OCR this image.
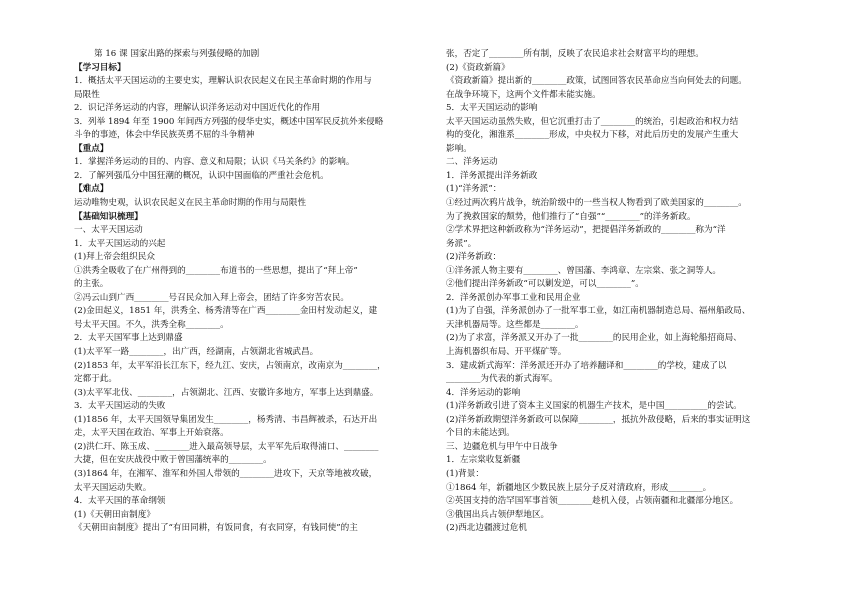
第 16 课 国家出路的探索与列强侵略的加剧
【学习目标】
1．概括太平天国运动的主要史实，理解认识农民起义在民主革命时期的作用与
局限性
2．识记洋务运动的内容，理解认识洋务运动对中国近代化的作用
3．列举 1894 年至 1900 年间西方列强的侵华史实，概述中国军民反抗外来侵略
斗争的事迹，体会中华民族英勇不屈的斗争精神
【重点】
1．掌握洋务运动的目的、内容、意义和局限；认识《马关条约》的影响。
2．了解列强瓜分中国狂潮的概况，认识中国面临的严重社会危机。
【难点】
运动唯物史观，认识农民起义在民主革命时期的作用与局限性
【基础知识梳理】
一、太平天国运动
1．太平天国运动的兴起
(1)拜上帝会组织民众
①洪秀全吸收了在广州得到的________布道书的一些思想，提出了“拜上帝”
的主张。
②冯云山到广西________号召民众加入拜上帝会，团结了许多穷苦农民。
(2)金田起义，1851 年，洪秀全、杨秀清等在广西________金田村发动起义，建
号太平天国。不久，洪秀全称________。
2．太平天国军事上达到鼎盛
(1)太平军一路________，出广西，经湖南，占领湖北省城武昌。
(2)1853 年，太平军沿长江东下，经九江、安庆，占领南京，改南京为________，
定都于此。
(3)太平军北伐、________，占领湖北、江西、安徽许多地方，军事上达到鼎盛。
3．太平天国运动的失败
(1)1856 年，太平天国领导集团发生________，杨秀清、韦昌辉被杀，石达开出
走，太平天国在政治、军事上开始衰落。
(2)洪仁玕、陈玉成、________进入最高领导层，太平军先后取得浦口、________
大捷，但在安庆战役中败于曾国藩统率的________。
(3)1864 年，在湘军、淮军和外国人带领的________进攻下，天京等地被攻破，
太平天国运动失败。
4．太平天国的革命纲领
(1)《天朝田亩制度》
《天朝田亩制度》提出了“有田同耕，有饭同食，有衣同穿，有钱同使”的主
张，否定了________所有制，反映了农民追求社会财富平均的理想。
(2)《资政新篇》
《资政新篇》提出新的________政策，试图回答农民革命应当向何处去的问题。
在战争环境下，这两个文件都未能实施。
5．太平天国运动的影响
太平天国运动虽然失败，但它沉重打击了________的统治，引起政治和权力结
构的变化，湘淮系________形成，中央权力下移，对此后历史的发展产生重大
影响。
二、洋务运动
1．洋务派提出洋务新政
(1)“洋务派”：
①经过两次鸦片战争，统治阶级中的一些当权人物看到了欧美国家的________。
为了挽救国家的颓势，他们推行了“自强”“________”的洋务新政。
②学术界把这种新政称为“洋务运动”，把提倡洋务新政的________称为“洋
务派”。
(2)洋务新政：
①洋务派人物主要有________、曾国藩、李鸿章、左宗棠、张之洞等人。
②他们提出洋务新政“可以剿发逆，可以________”。
2．洋务派创办军事工业和民用企业
(1)为了自强，洋务派创办了一批军事工业，如江南机器制造总局、福州船政局、
天津机器局等。这些都是________。
(2)为了求富，洋务派又开办了一批________的民用企业，如上海轮船招商局、
上海机器织布局、开平煤矿等。
3．建成新式海军：洋务派还开办了培养翻译和________的学校，建成了以
________为代表的新式海军。
4．洋务运动的影响
(1)洋务新政引进了资本主义国家的机器生产技术，是中国__________的尝试。
(2)洋务新政期望洋务新政可以保障________，抵抗外敌侵略，后来的事实证明这
个目的未能达到。
三、边疆危机与甲午中日战争
1．左宗棠收复新疆
(1)背景：
①1864 年，新疆地区少数民族上层分子反对清政府，形成________。
②英国支持的浩罕国军事首领________趁机入侵，占领南疆和北疆部分地区。
③俄国出兵占领伊犁地区。
(2)西北边疆渡过危机
